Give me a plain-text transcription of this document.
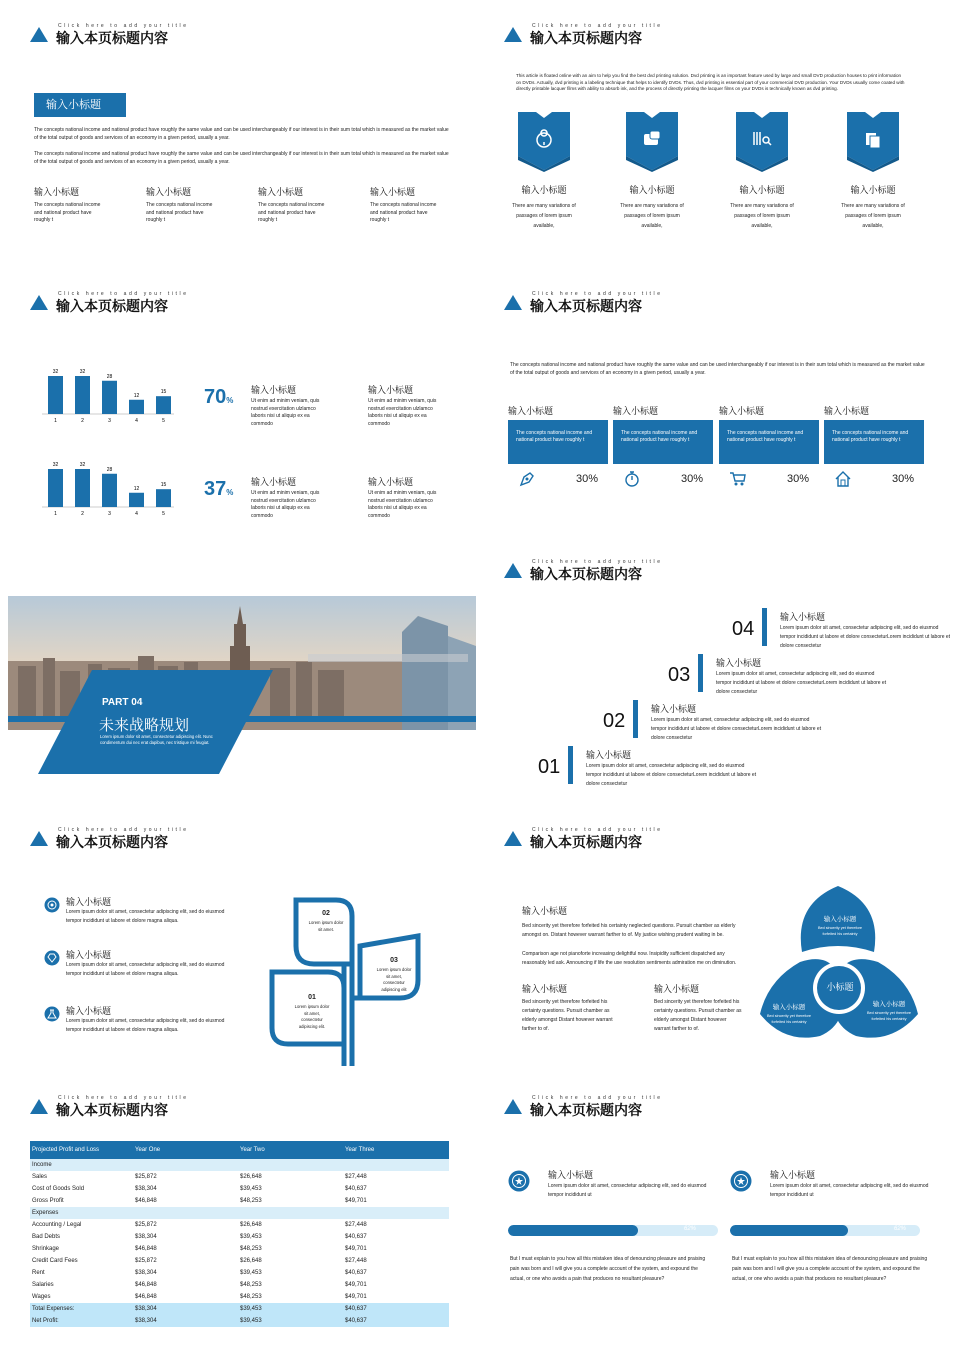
Click here to add your title
输入本页标题内容
输入小标题
The concepts national income and national product have roughly the same value and can be used interchangeably if our interest is in their sum total which is measured as the market value of the total output of goods and services of an economy in a given period, usually a year.
The concepts national income and national product have roughly the same value and can be used interchangeably if our interest is in their sum total which is measured as the market value of the total output of goods and services of an economy in a given period, usually a year.
输入小标题
The concepts national income and national product have roughly t
输入小标题
The concepts national income and national product have roughly t
输入小标题
The concepts national income and national product have roughly t
输入小标题
The concepts national income and national product have roughly t
Click here to add your title
输入本页标题内容
This article is floated online with an aim to help you find the best dvd printing solution. Dvd printing is an important feature used by large and small DVD production houses to print information on DVDs. Actually, dvd printing is a labeling technique that helps to identify DVDs. Thus, dvd printing is essential part of your commercial DVD production. Your DVDs usually come coated with directly printable lacquer films with ability to absorb ink, and the process of directly printing the lacquer films on your DVDs is technically known as dvd printing.
输入小标题
There are many variations of passages of lorem ipsum available,
输入小标题
There are many variations of passages of lorem ipsum available,
输入小标题
There are many variations of passages of lorem ipsum available,
输入小标题
There are many variations of passages of lorem ipsum available,
Click here to add your title
输入本页标题内容
32
1
32
2
28
3
12
4
15
5
32
1
32
2
28
3
12
4
15
5
70%
37%
输入小标题
Ut enim ad minim veniam, quis nostrud exercitation ulzlamco laboris nisi ut aliquip ex ea commodo
输入小标题
Ut enim ad minim veniam, quis nostrud exercitation ulzlamco laboris nisi ut aliquip ex ea commodo
输入小标题
Ut enim ad minim veniam, quis nostrud exercitation ulzlamco laboris nisi ut aliquip ex ea commodo
输入小标题
Ut enim ad minim veniam, quis nostrud exercitation ulzlamco laboris nisi ut aliquip ex ea commodo
Click here to add your title
输入本页标题内容
The concepts national income and national product have roughly the same value and can be used interchangeably if our interest is in their sum total which is measured as the market value of the total output of goods and services of an economy in a given period, usually a year.
输入小标题
The concepts national income and national product have roughly t
30%
输入小标题
The concepts national income and national product have roughly t
30%
输入小标题
The concepts national income and national product have roughly t
30%
输入小标题
The concepts national income and national product have roughly t
30%
PART 04
未来战略规划
Lorem ipsum dolor sit amet, consectetur adipiscing elit. Nunc condimentum dui nec erat dapibus, nec tristique mi feugiat.
Click here to add your title
输入本页标题内容
04
输入小标题
Lorem ipsum dolor sit amet, consectetur adipiscing elit, sed do eiusmod tempor incididunt ut labore et dolore consecteturLorem incididunt ut labore et dolore consectetur
03
输入小标题
Lorem ipsum dolor sit amet, consectetur adipiscing elit, sed do eiusmod tempor incididunt ut labore et dolore consecteturLorem incididunt ut labore et dolore consectetur
02
输入小标题
Lorem ipsum dolor sit amet, consectetur adipiscing elit, sed do eiusmod tempor incididunt ut labore et dolore consecteturLorem incididunt ut labore et dolore consectetur
01
输入小标题
Lorem ipsum dolor sit amet, consectetur adipiscing elit, sed do eiusmod tempor incididunt ut labore et dolore consecteturLorem incididunt ut labore et dolore consectetur
Click here to add your title
输入本页标题内容
输入小标题
Lorem ipsum dolor sit amet, consectetur adipiscing elit, sed do eiusmod tempor incididunt ut labore et dolore magna aliqua.
输入小标题
Lorem ipsum dolor sit amet, consectetur adipiscing elit, sed do eiusmod tempor incididunt ut labore et dolore magna aliqua.
输入小标题
Lorem ipsum dolor sit amet, consectetur adipiscing elit, sed do eiusmod tempor incididunt ut labore et dolore magna aliqua.
02
Lorem ipsum dolor sit amet.
03
Lorem ipsum dolor sit amet, consectetur adipiscing elit
01
Lorem ipsum dolor sit amet, consectetur adipiscing elit.
Click here to add your title
输入本页标题内容
输入小标题
Bed sincerity yet therefore forfeited his certainty neglected questions. Pursuit chamber as elderly amongst on. Distant however warrant farther to of. My justice wishing prudent waiting in be.
Comparison age not pianoforte increasing delightful now. Insipidity sufficient dispatched any reasonably led ask. Announcing if life the use resolution sentiments admiration me on diminution.
输入小标题
Bed sincerity yet therefore forfeited his certainty questions. Pursuit chamber as elderly amongst Distant however warrant farther to of.
输入小标题
Bed sincerity yet therefore forfeited his certainty questions. Pursuit chamber as elderly amongst Distant however warrant farther to of.
输入小标题
Bed sincerity yet therefore forfeited his certainty
输入小标题
Bed sincerity yet therefore forfeited his certainty
输入小标题
Bed sincerity yet therefore forfeited his certainty
小标题
Click here to add your title
输入本页标题内容
Projected Profit and Loss	Year One	Year Two	Year Three
Income			
Sales	$25,872	$26,648	$27,448
Cost of Goods Sold	$38,304	$39,453	$40,637
Gross Profit	$46,848	$48,253	$49,701
Expenses			
Accounting / Legal	$25,872	$26,648	$27,448
Bad Debts	$38,304	$39,453	$40,637
Shrinkage	$46,848	$48,253	$49,701
Credit Card Fees	$25,872	$26,648	$27,448
Rent	$38,304	$39,453	$40,637
Salaries	$46,848	$48,253	$49,701
Wages	$46,848	$48,253	$49,701
Total Expenses:	$38,304	$39,453	$40,637
Net Profit:	$38,304	$39,453	$40,637
Click here to add your title
输入本页标题内容
输入小标题
Lorem ipsum dolor sit amet, consectetur adipiscing elit, sed do eiusmod tempor incididunt ut
62%
But I must explain to you how all this mistaken idea of denouncing pleasure and praising pain was born and I will give you a complete account of the system, and expound the actual, or one who avoids a pain that produces no resultant pleasure?
输入小标题
Lorem ipsum dolor sit amet, consectetur adipiscing elit, sed do eiusmod tempor incididunt ut
62%
But I must explain to you how all this mistaken idea of denouncing pleasure and praising pain was born and I will give you a complete account of the system, and expound the actual, or one who avoids a pain that produces no resultant pleasure?
